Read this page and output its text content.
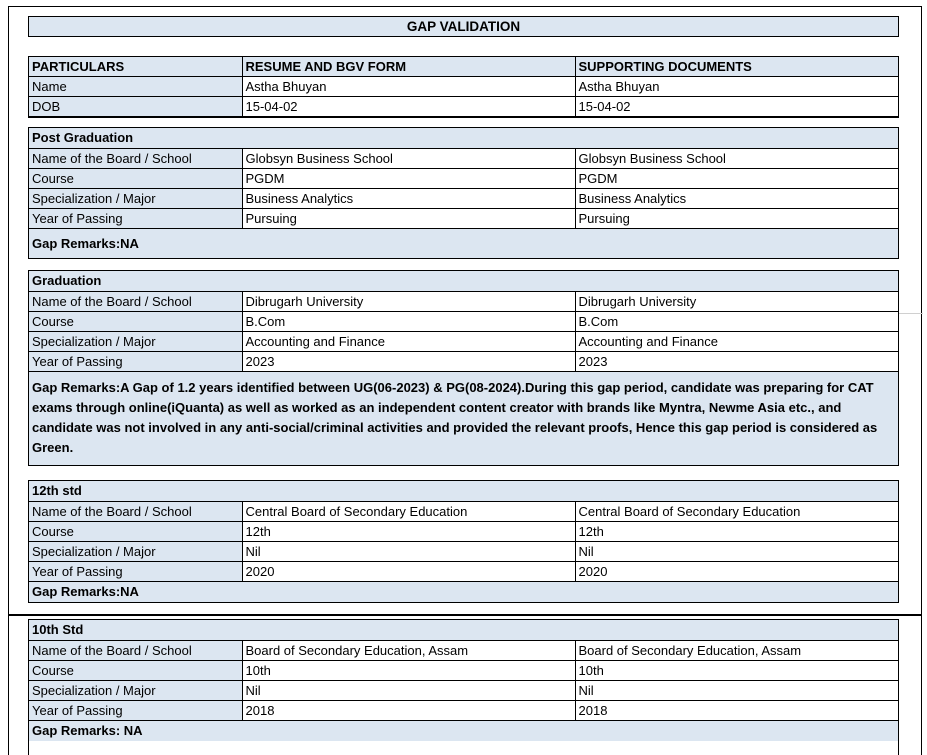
GAP VALIDATION
PARTICULARS	RESUME AND BGV FORM	SUPPORTING DOCUMENTS
Name	Astha Bhuyan	Astha Bhuyan
DOB	15-04-02	15-04-02
Post Graduation
Name of the Board / School	Globsyn Business School	Globsyn Business School
Course	PGDM	PGDM
Specialization / Major	Business Analytics	Business Analytics
Year of Passing	Pursuing	Pursuing
Gap Remarks:NA
Graduation
Name of the Board / School	Dibrugarh University	Dibrugarh University
Course	B.Com	B.Com
Specialization / Major	Accounting and Finance	Accounting and Finance
Year of Passing	2023	2023
Gap Remarks:A Gap of 1.2 years identified between UG(06-2023) & PG(08-2024).During this gap period, candidate was preparing for CAT exams through online(iQuanta) as well as worked as an independent content creator with brands like Myntra, Newme Asia etc., and candidate was not involved in any anti-social/criminal activities and provided the relevant proofs, Hence this gap period is considered as Green.
12th std
Name of the Board / School	Central Board of Secondary Education	Central Board of Secondary Education
Course	12th	12th
Specialization / Major	Nil	Nil
Year of Passing	2020	2020
Gap Remarks:NA
10th Std
Name of the Board / School	Board of Secondary Education, Assam	Board of Secondary Education, Assam
Course	10th	10th
Specialization / Major	Nil	Nil
Year of Passing	2018	2018
Gap Remarks: NA
